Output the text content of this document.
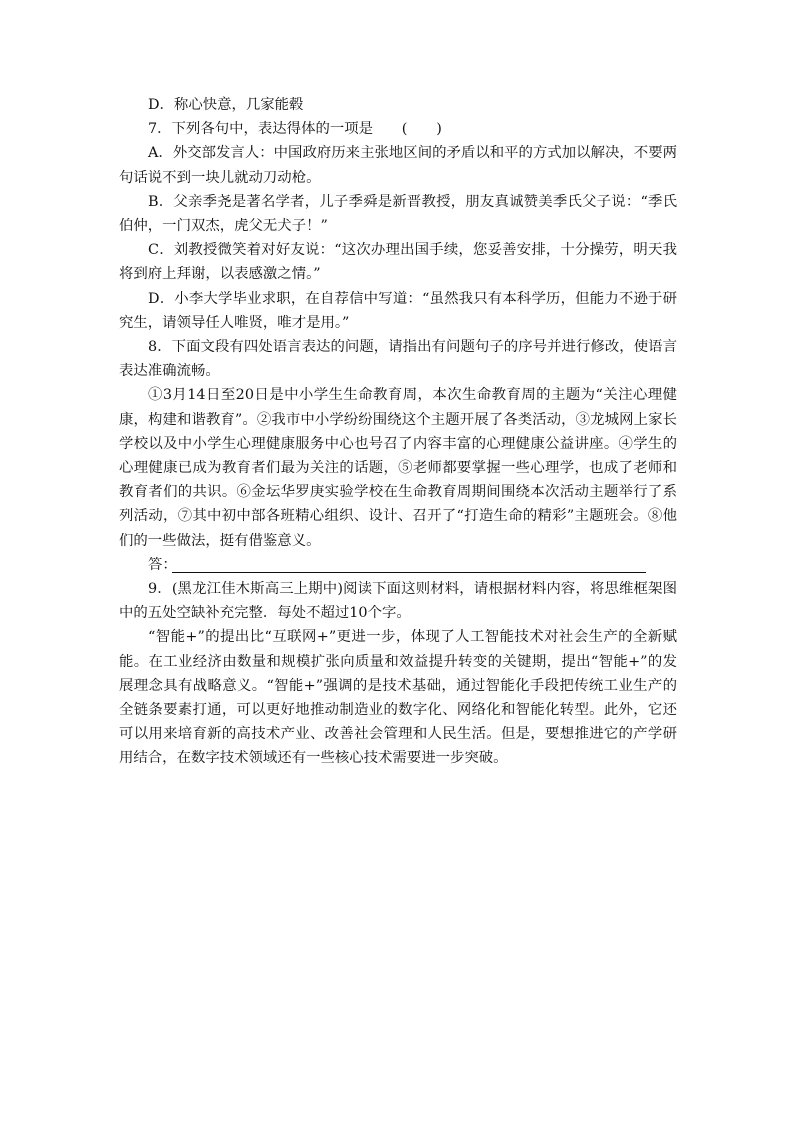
D．称心快意，几家能毂

7．下列各句中，表达得体的一项是　　(　　)

A．外交部发言人：中国政府历来主张地区间的矛盾以和平的方式加以解决，不要两句话说不到一块儿就动刀动枪。

B．父亲季尧是著名学者，儿子季舜是新晋教授，朋友真诚赞美季氏父子说：“季氏伯仲，一门双杰，虎父无犬子！”

C．刘教授微笑着对好友说：“这次办理出国手续，您妥善安排，十分操劳，明天我将到府上拜谢，以表感激之情。”

D．小李大学毕业求职，在自荐信中写道：“虽然我只有本科学历，但能力不逊于研究生，请领导任人唯贤，唯才是用。”

8．下面文段有四处语言表达的问题，请指出有问题句子的序号并进行修改，使语言表达准确流畅。

①3月14日至20日是中小学生生命教育周，本次生命教育周的主题为“关注心理健康，构建和谐教育”。②我市中小学纷纷围绕这个主题开展了各类活动，③龙城网上家长学校以及中小学生心理健康服务中心也号召了内容丰富的心理健康公益讲座。④学生的心理健康已成为教育者们最为关注的话题，⑤老师都要掌握一些心理学，也成了老师和教育者们的共识。⑥金坛华罗庚实验学校在生命教育周期间围绕本次活动主题举行了系列活动，⑦其中初中部各班精心组织、设计、召开了“打造生命的精彩”主题班会。⑧他们的一些做法，挺有借鉴意义。

答：

9．(黑龙江佳木斯高三上期中)阅读下面这则材料，请根据材料内容，将思维框架图中的五处空缺补充完整．每处不超过10个字。

“智能+”的提出比“互联网+”更进一步，体现了人工智能技术对社会生产的全新赋能。在工业经济由数量和规模扩张向质量和效益提升转变的关键期，提出“智能+”的发展理念具有战略意义。“智能+”强调的是技术基础，通过智能化手段把传统工业生产的全链条要素打通，可以更好地推动制造业的数字化、网络化和智能化转型。此外，它还可以用来培育新的高技术产业、改善社会管理和人民生活。但是，要想推进它的产学研用结合，在数字技术领域还有一些核心技术需要进一步突破。
